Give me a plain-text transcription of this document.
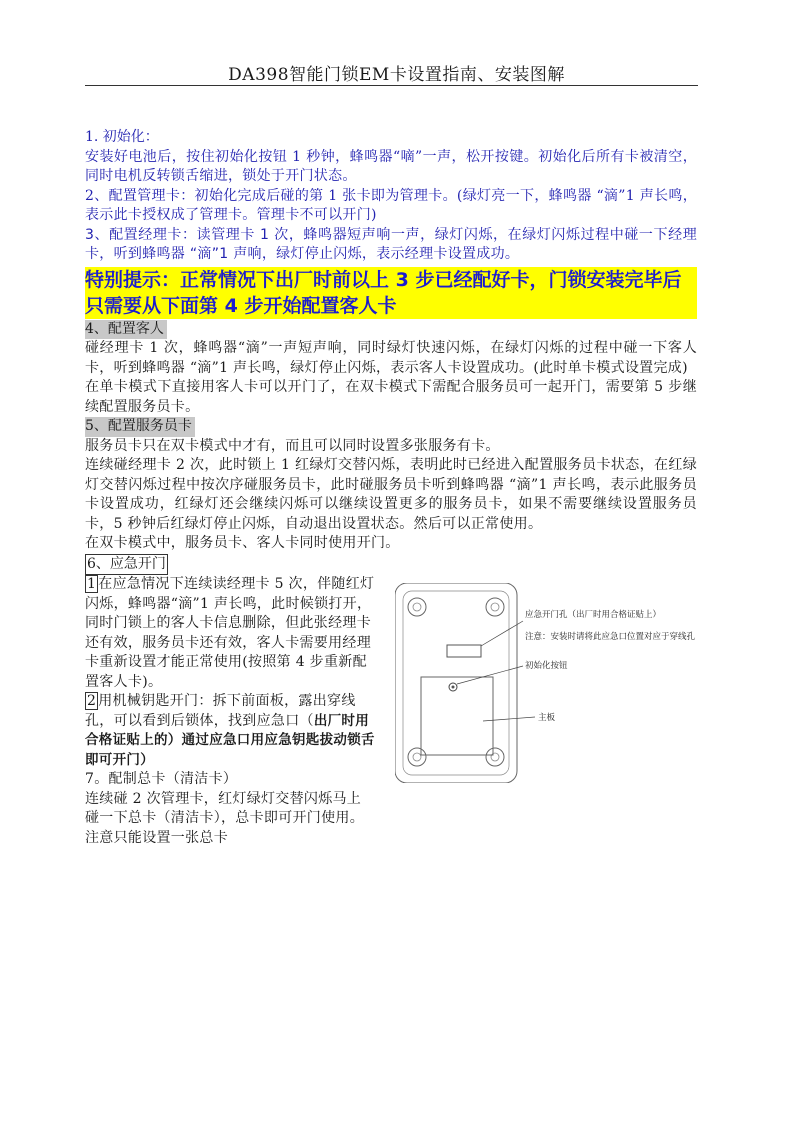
DA398智能门锁EM卡设置指南、安装图解
1. 初始化：
安装好电池后，按住初始化按钮 1 秒钟，蜂鸣器“嘀”一声，松开按键。初始化后所有卡被清空，同时电机反转锁舌缩进，锁处于开门状态。
2、配置管理卡：初始化完成后碰的第 1 张卡即为管理卡。(绿灯亮一下，蜂鸣器 “滴”1 声长鸣，表示此卡授权成了管理卡。管理卡不可以开门)
3、配置经理卡：读管理卡 1 次，蜂鸣器短声响一声，绿灯闪烁，在绿灯闪烁过程中碰一下经理卡，听到蜂鸣器 “滴”1 声响，绿灯停止闪烁，表示经理卡设置成功。
特别提示：正常情况下出厂时前以上 3 步已经配好卡，门锁安装完毕后只需要从下面第 4 步开始配置客人卡
4、配置客人
碰经理卡 1 次，蜂鸣器“滴”一声短声响，同时绿灯快速闪烁，在绿灯闪烁的过程中碰一下客人卡，听到蜂鸣器 “滴”1 声长鸣，绿灯停止闪烁，表示客人卡设置成功。(此时单卡模式设置完成)
在单卡模式下直接用客人卡可以开门了，在双卡模式下需配合服务员可一起开门，需要第 5 步继续配置服务员卡。
5、配置服务员卡
服务员卡只在双卡模式中才有，而且可以同时设置多张服务有卡。
连续碰经理卡 2 次，此时锁上 1 红绿灯交替闪烁，表明此时已经进入配置服务员卡状态，在红绿灯交替闪烁过程中按次序碰服务员卡，此时碰服务员卡听到蜂鸣器 “滴”1 声长鸣，表示此服务员卡设置成功，红绿灯还会继续闪烁可以继续设置更多的服务员卡，如果不需要继续设置服务员卡，5 秒钟后红绿灯停止闪烁，自动退出设置状态。然后可以正常使用。
在双卡模式中，服务员卡、客人卡同时使用开门。
6、应急开门
1 在应急情况下连续读经理卡 5 次，伴随红灯闪烁，蜂鸣器“滴”1 声长鸣，此时候锁打开，同时门锁上的客人卡信息删除，但此张经理卡还有效，服务员卡还有效，客人卡需要用经理卡重新设置才能正常使用(按照第 4 步重新配置客人卡)。
2 用机械钥匙开门：拆下前面板，露出穿线孔，可以看到后锁体，找到应急口（出厂时用合格证贴上的）通过应急口用应急钥匙拔动锁舌即可开门）
7。配制总卡（清洁卡）
连续碰 2 次管理卡，红灯绿灯交替闪烁马上碰一下总卡（清洁卡），总卡即可开门使用。注意只能设置一张总卡
应急开门孔（出厂时用合格证贴上）
注意：安装时请将此应急口位置对应于穿线孔
初始化按钮
主板
